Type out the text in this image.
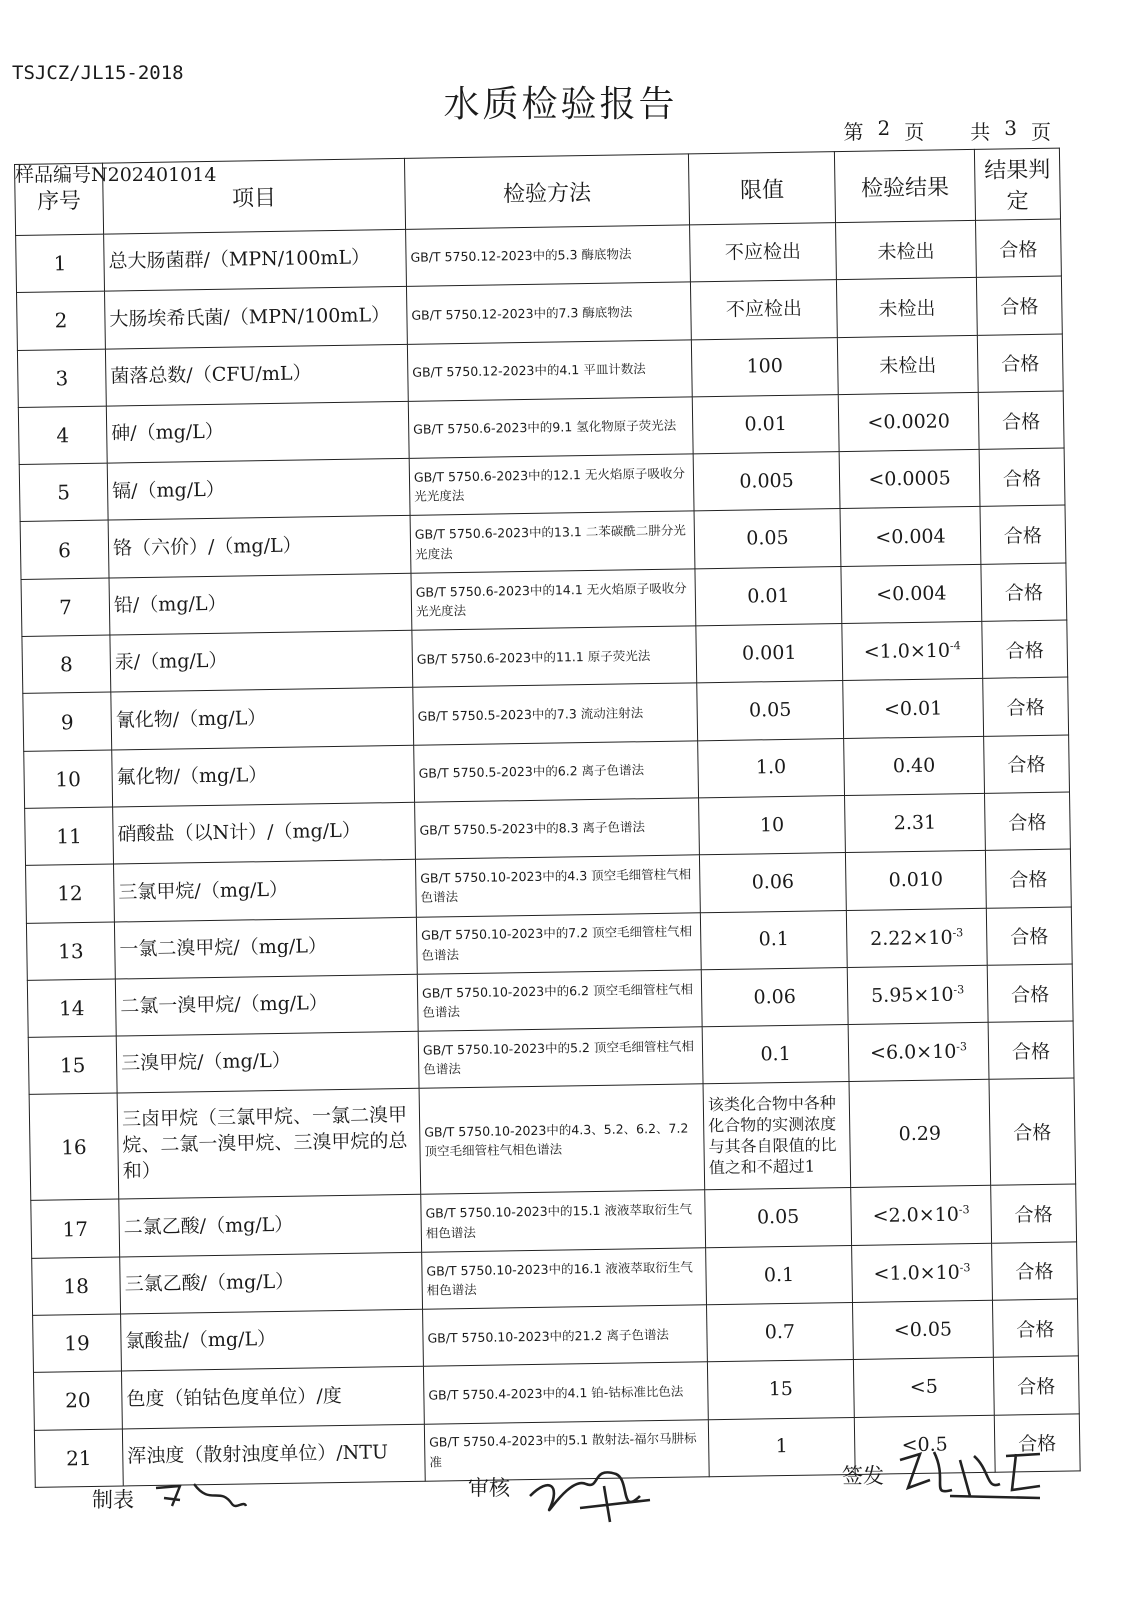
TSJCZ/JL15-2018
水质检验报告
第 2 页 共 3 页
样品编号N202401014
序号	项目	检验方法	限值	检验结果	结果判定
1	总大肠菌群/（MPN/100mL）	GB/T 5750.12-2023中的5.3 酶底物法	不应检出	未检出	合格
2	大肠埃希氏菌/（MPN/100mL）	GB/T 5750.12-2023中的7.3 酶底物法	不应检出	未检出	合格
3	菌落总数/（CFU/mL）	GB/T 5750.12-2023中的4.1 平皿计数法	100	未检出	合格
4	砷/（mg/L）	GB/T 5750.6-2023中的9.1 氢化物原子荧光法	0.01	<0.0020	合格
5	镉/（mg/L）	GB/T 5750.6-2023中的12.1 无火焰原子吸收分光光度法	0.005	<0.0005	合格
6	铬（六价）/（mg/L）	GB/T 5750.6-2023中的13.1 二苯碳酰二肼分光光度法	0.05	<0.004	合格
7	铅/（mg/L）	GB/T 5750.6-2023中的14.1 无火焰原子吸收分光光度法	0.01	<0.004	合格
8	汞/（mg/L）	GB/T 5750.6-2023中的11.1 原子荧光法	0.001	$<1.0\times 10^{-4}$	合格
9	氰化物/（mg/L）	GB/T 5750.5-2023中的7.3 流动注射法	0.05	<0.01	合格
10	氟化物/（mg/L）	GB/T 5750.5-2023中的6.2 离子色谱法	1.0	0.40	合格
11	硝酸盐（以N计）/（mg/L）	GB/T 5750.5-2023中的8.3 离子色谱法	10	2.31	合格
12	三氯甲烷/（mg/L）	GB/T 5750.10-2023中的4.3 顶空毛细管柱气相色谱法	0.06	0.010	合格
13	一氯二溴甲烷/（mg/L）	GB/T 5750.10-2023中的7.2 顶空毛细管柱气相色谱法	0.1	$2.22\times 10^{-3}$	合格
14	二氯一溴甲烷/（mg/L）	GB/T 5750.10-2023中的6.2 顶空毛细管柱气相色谱法	0.06	$5.95\times 10^{-3}$	合格
15	三溴甲烷/（mg/L）	GB/T 5750.10-2023中的5.2 顶空毛细管柱气相色谱法	0.1	$<6.0\times 10^{-3}$	合格
16	三卤甲烷（三氯甲烷、一氯二溴甲烷、二氯一溴甲烷、三溴甲烷的总和）	GB/T 5750.10-2023中的4.3、5.2、6.2、7.2 顶空毛细管柱气相色谱法	该类化合物中各种化合物的实测浓度与其各自限值的比值之和不超过1	0.29	合格
17	二氯乙酸/（mg/L）	GB/T 5750.10-2023中的15.1 液液萃取衍生气相色谱法	0.05	$<2.0\times 10^{-3}$	合格
18	三氯乙酸/（mg/L）	GB/T 5750.10-2023中的16.1 液液萃取衍生气相色谱法	0.1	$<1.0\times 10^{-3}$	合格
19	氯酸盐/（mg/L）	GB/T 5750.10-2023中的21.2 离子色谱法	0.7	<0.05	合格
20	色度（铂钴色度单位）/度	GB/T 5750.4-2023中的4.1 铂-钴标准比色法	15	<5	合格
21	浑浊度（散射浊度单位）/NTU	GB/T 5750.4-2023中的5.1 散射法-福尔马肼标准	1	<0.5	合格
制表	审核	签发
